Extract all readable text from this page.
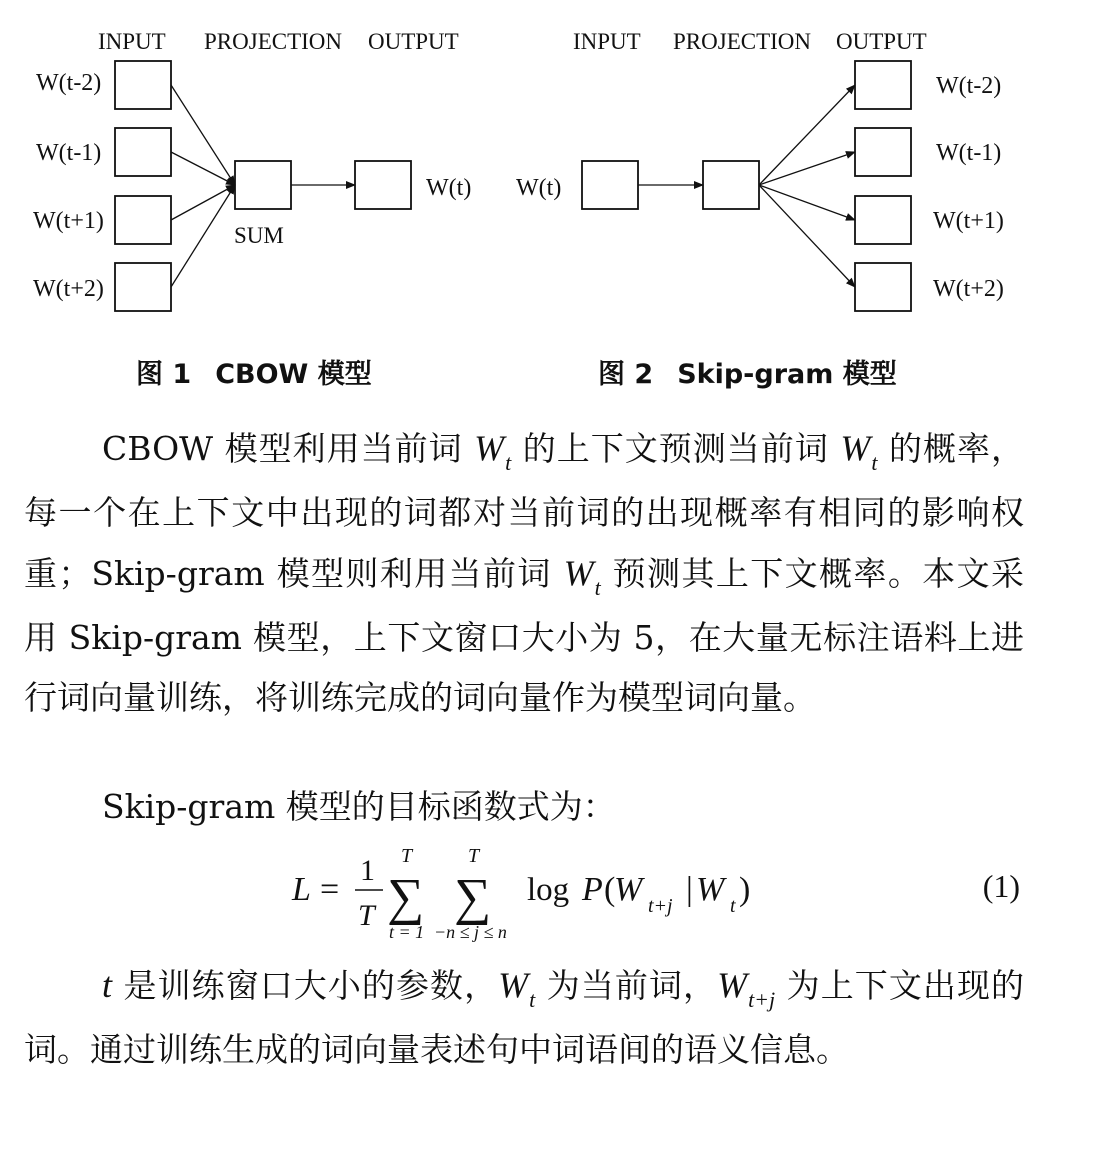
INPUT PROJECTION OUTPUT
W(t-2)
W(t-1)
W(t+1)
W(t+2)
SUM
W(t)
INPUT PROJECTION OUTPUT
W(t)
W(t-2)
W(t-1)
W(t+1)
W(t+2)
图 1 CBOW 模型	图 2 Skip-gram 模型
CBOW 模型利用当前词 $W_t$ 的上下文预测当前词 $W_t$ 的概率，每一个在上下文中出现的词都对当前词的出现概率有相同的影响权重；Skip-gram 模型则利用当前词 $W_t$ 预测其上下文概率。本文采用 Skip-gram 模型，上下文窗口大小为 5，在大量无标注语料上进行词向量训练，将训练完成的词向量作为模型词向量。
Skip-gram 模型的目标函数式为：
L =
1
T
T
∑
t = 1
T
∑
−n ≤ j ≤ n
log P (
W t+j | W t )	(1)
t 是训练窗口大小的参数，$W_t$ 为当前词，$W_{t+j}$ 为上下文出现的词。通过训练生成的词向量表述句中词语间的语义信息。
